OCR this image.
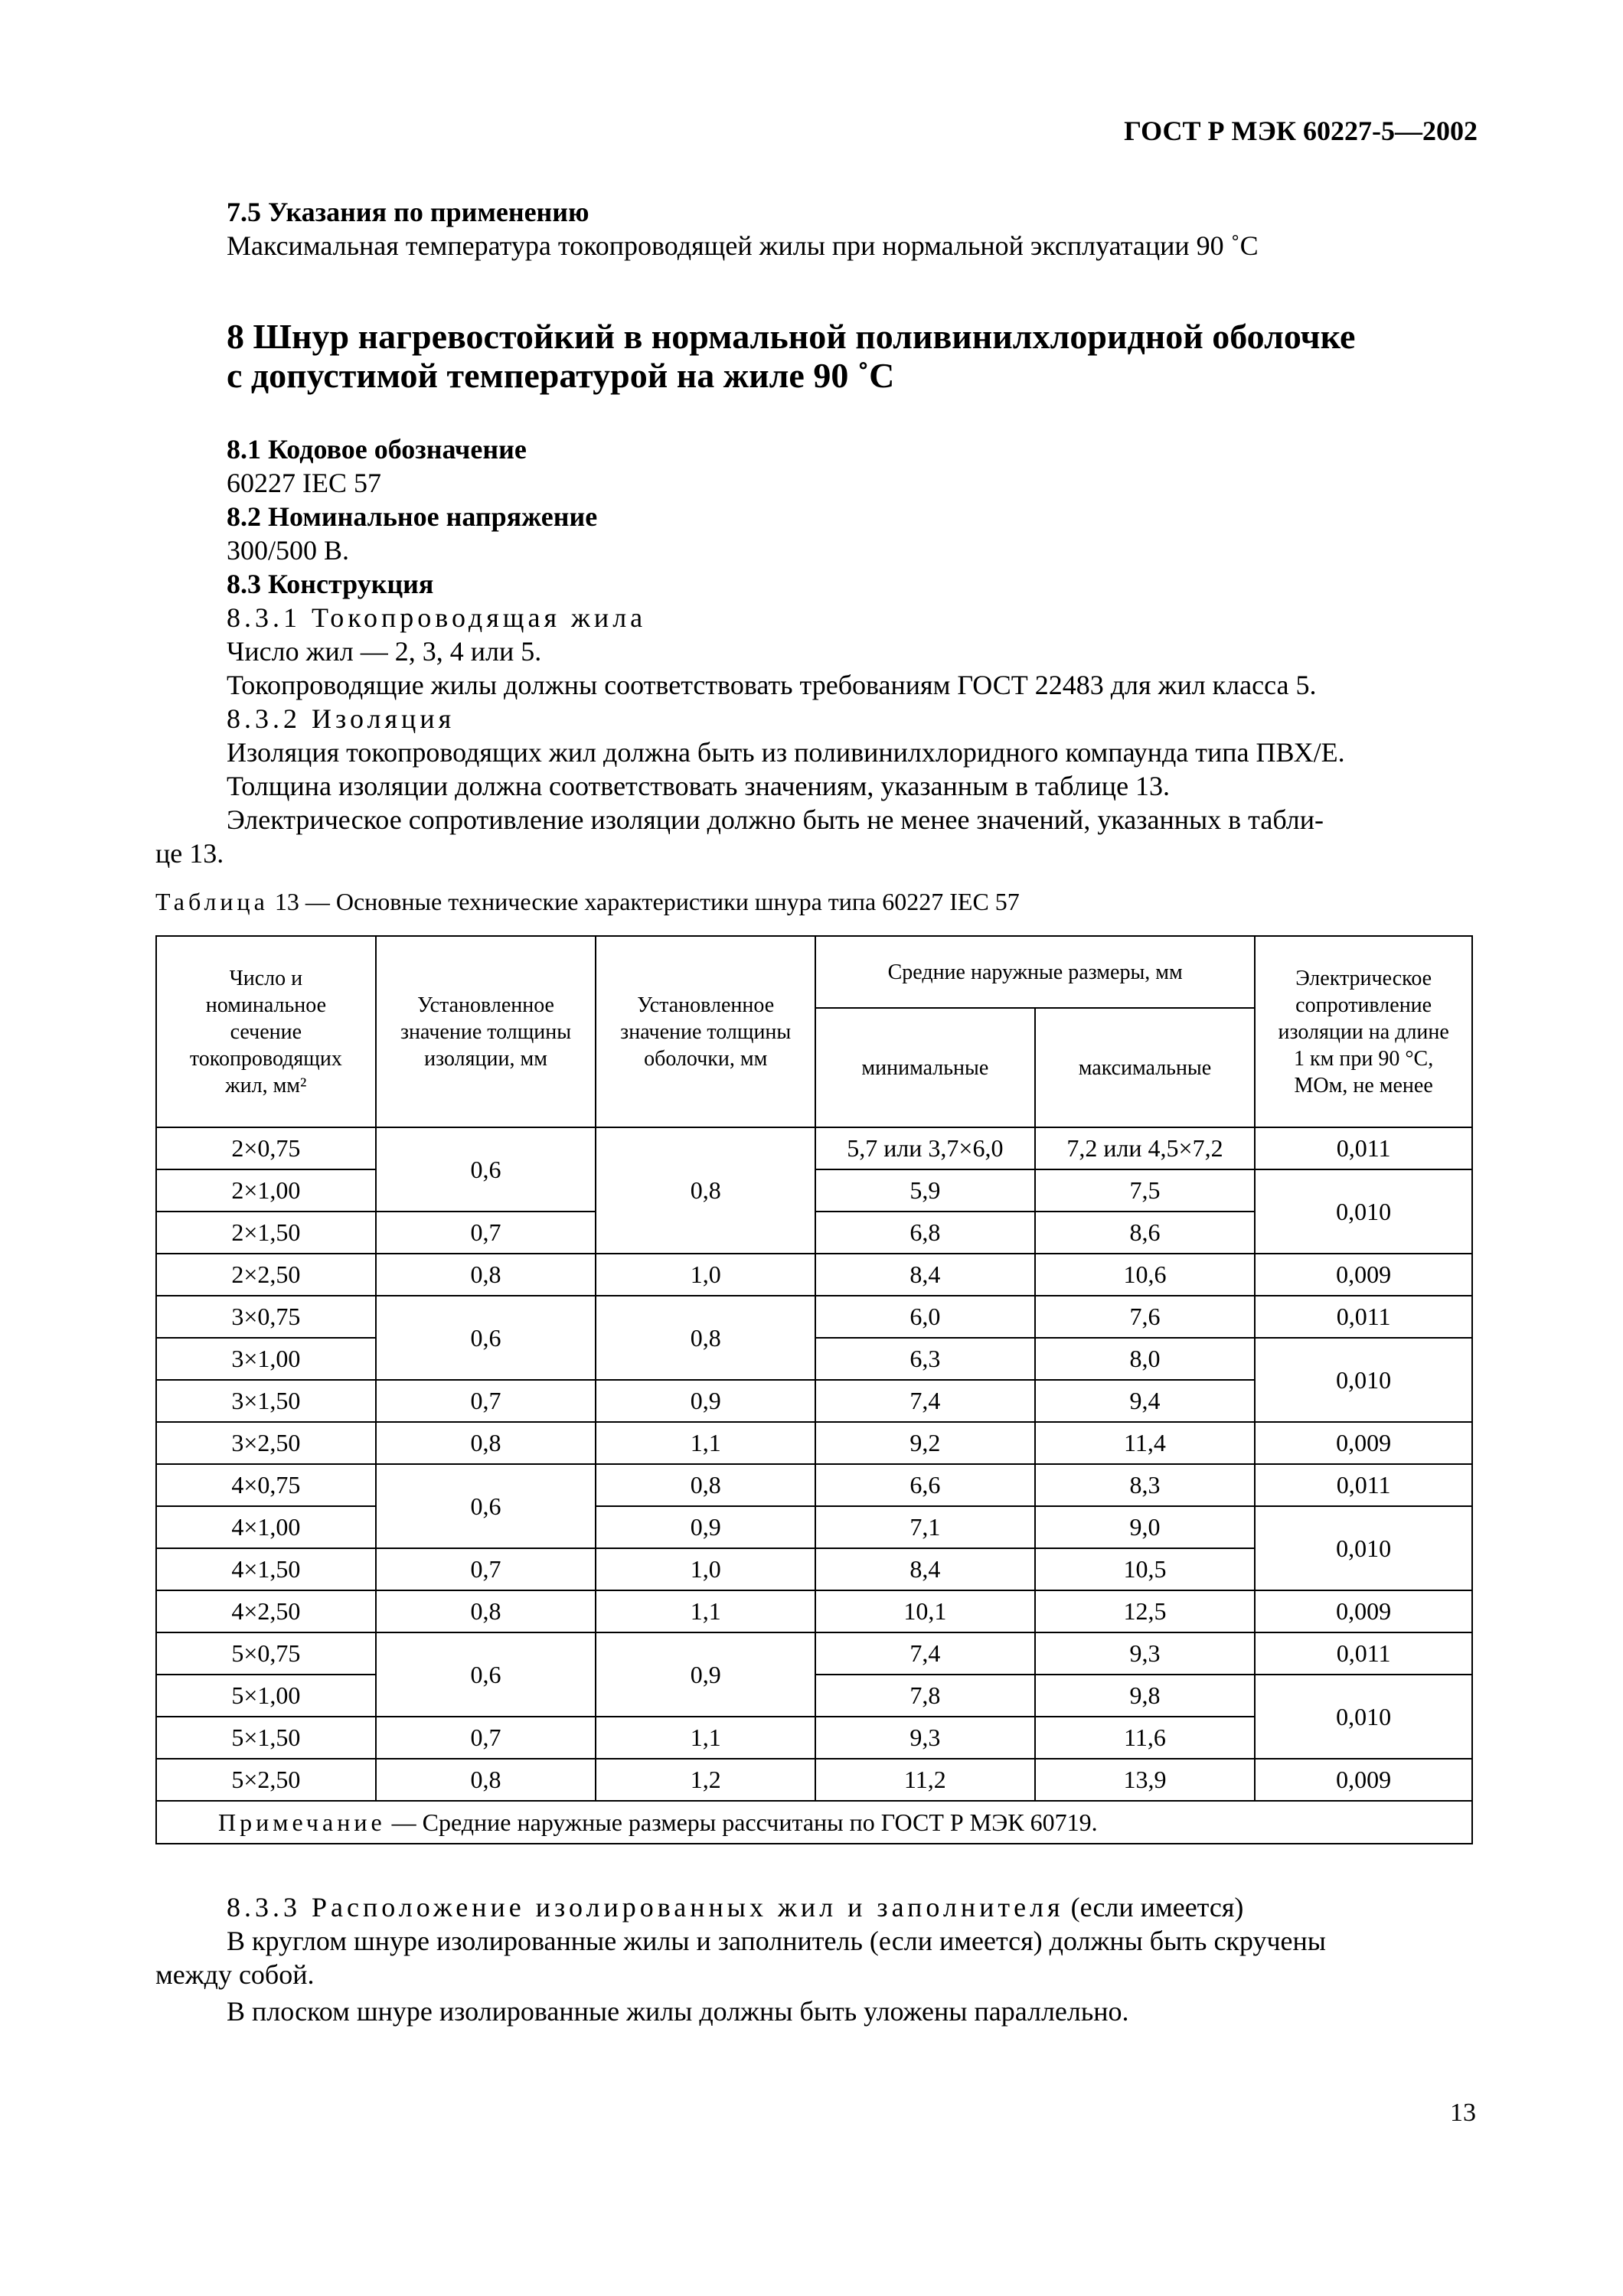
ГОСТ Р МЭК 60227-5—2002
7.5 Указания по применению
Максимальная температура токопроводящей жилы при нормальной эксплуатации 90 ˚С
8 Шнур нагревостойкий в нормальной поливинилхлоридной оболочке
с допустимой температурой на жиле 90 ˚С
8.1 Кодовое обозначение
60227 IEC 57
8.2 Номинальное напряжение
300/500 В.
8.3 Конструкция
8.3.1 Токопроводящая жила
Число жил — 2, 3, 4 или 5.
Токопроводящие жилы должны соответствовать требованиям ГОСТ 22483 для жил класса 5.
8.3.2 Изоляция
Изоляция токопроводящих жил должна быть из поливинилхлоридного компаунда типа ПВХ/Е.
Толщина изоляции должна соответствовать значениям, указанным в таблице 13.
Электрическое сопротивление изоляции должно быть не менее значений, указанных в табли-
це 13.
Таблица 13 — Основные технические характеристики шнура типа 60227 IEC 57
Число и
номинальное
сечение
токопроводящих
жил, мм²	Установленное
значение толщины
изоляции, мм	Установленное
значение толщины
оболочки, мм	Средние наружные размеры, мм		Электрическое
сопротивление
изоляции на длине
1 км при 90 °С,
МОм, не менее
			минимальные	максимальные	
2×0,75	0,6	0,8	5,7 или 3,7×6,0	7,2 или 4,5×7,2	0,011
2×1,00			5,9	7,5	0,010
2×1,50	0,7		6,8	8,6	
2×2,50	0,8	1,0	8,4	10,6	0,009
3×0,75	0,6	0,8	6,0	7,6	0,011
3×1,00			6,3	8,0	0,010
3×1,50	0,7	0,9	7,4	9,4	
3×2,50	0,8	1,1	9,2	11,4	0,009
4×0,75	0,6	0,8	6,6	8,3	0,011
4×1,00		0,9	7,1	9,0	0,010
4×1,50	0,7	1,0	8,4	10,5	
4×2,50	0,8	1,1	10,1	12,5	0,009
5×0,75	0,6	0,9	7,4	9,3	0,011
5×1,00			7,8	9,8	0,010
5×1,50	0,7	1,1	9,3	11,6	
5×2,50	0,8	1,2	11,2	13,9	0,009
Примечание — Средние наружные размеры рассчитаны по ГОСТ Р МЭК 60719.					
8.3.3 Расположение изолированных жил и заполнителя (если имеется)
В круглом шнуре изолированные жилы и заполнитель (если имеется) должны быть скручены
между собой.
В плоском шнуре изолированные жилы должны быть уложены параллельно.
13
